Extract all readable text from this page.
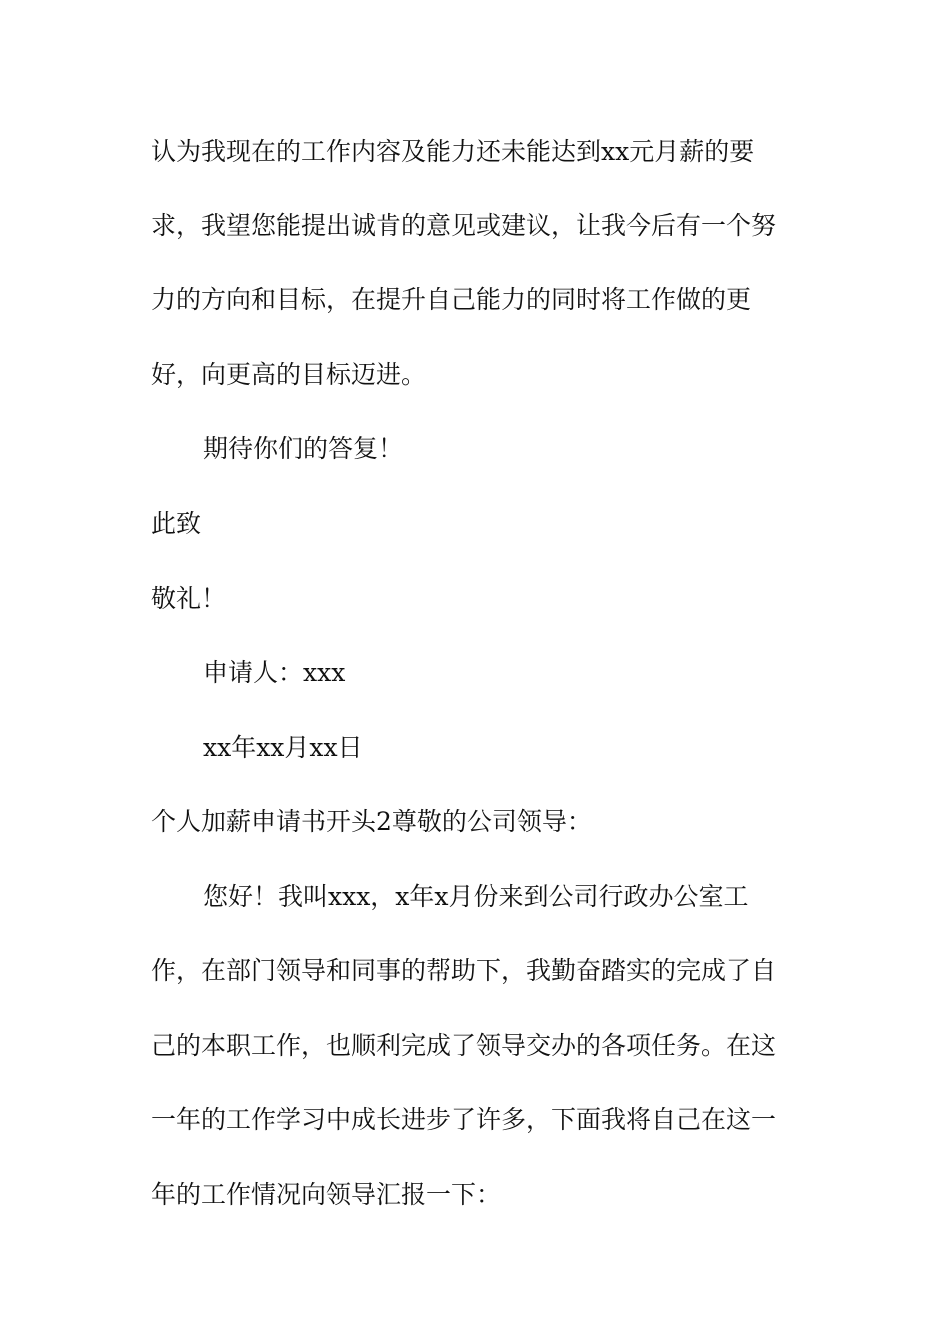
认为我现在的工作内容及能力还未能达到xx元月薪的要
求，我望您能提出诚肯的意见或建议，让我今后有一个努
力的方向和目标，在提升自己能力的同时将工作做的更
好，向更高的目标迈进。
期待你们的答复！
此致
敬礼！
申请人：xxx
xx年xx月xx日
个人加薪申请书开头2尊敬的公司领导：
您好！我叫xxx，x年x月份来到公司行政办公室工
作，在部门领导和同事的帮助下，我勤奋踏实的完成了自
己的本职工作，也顺利完成了领导交办的各项任务。在这
一年的工作学习中成长进步了许多，下面我将自己在这一
年的工作情况向领导汇报一下：
